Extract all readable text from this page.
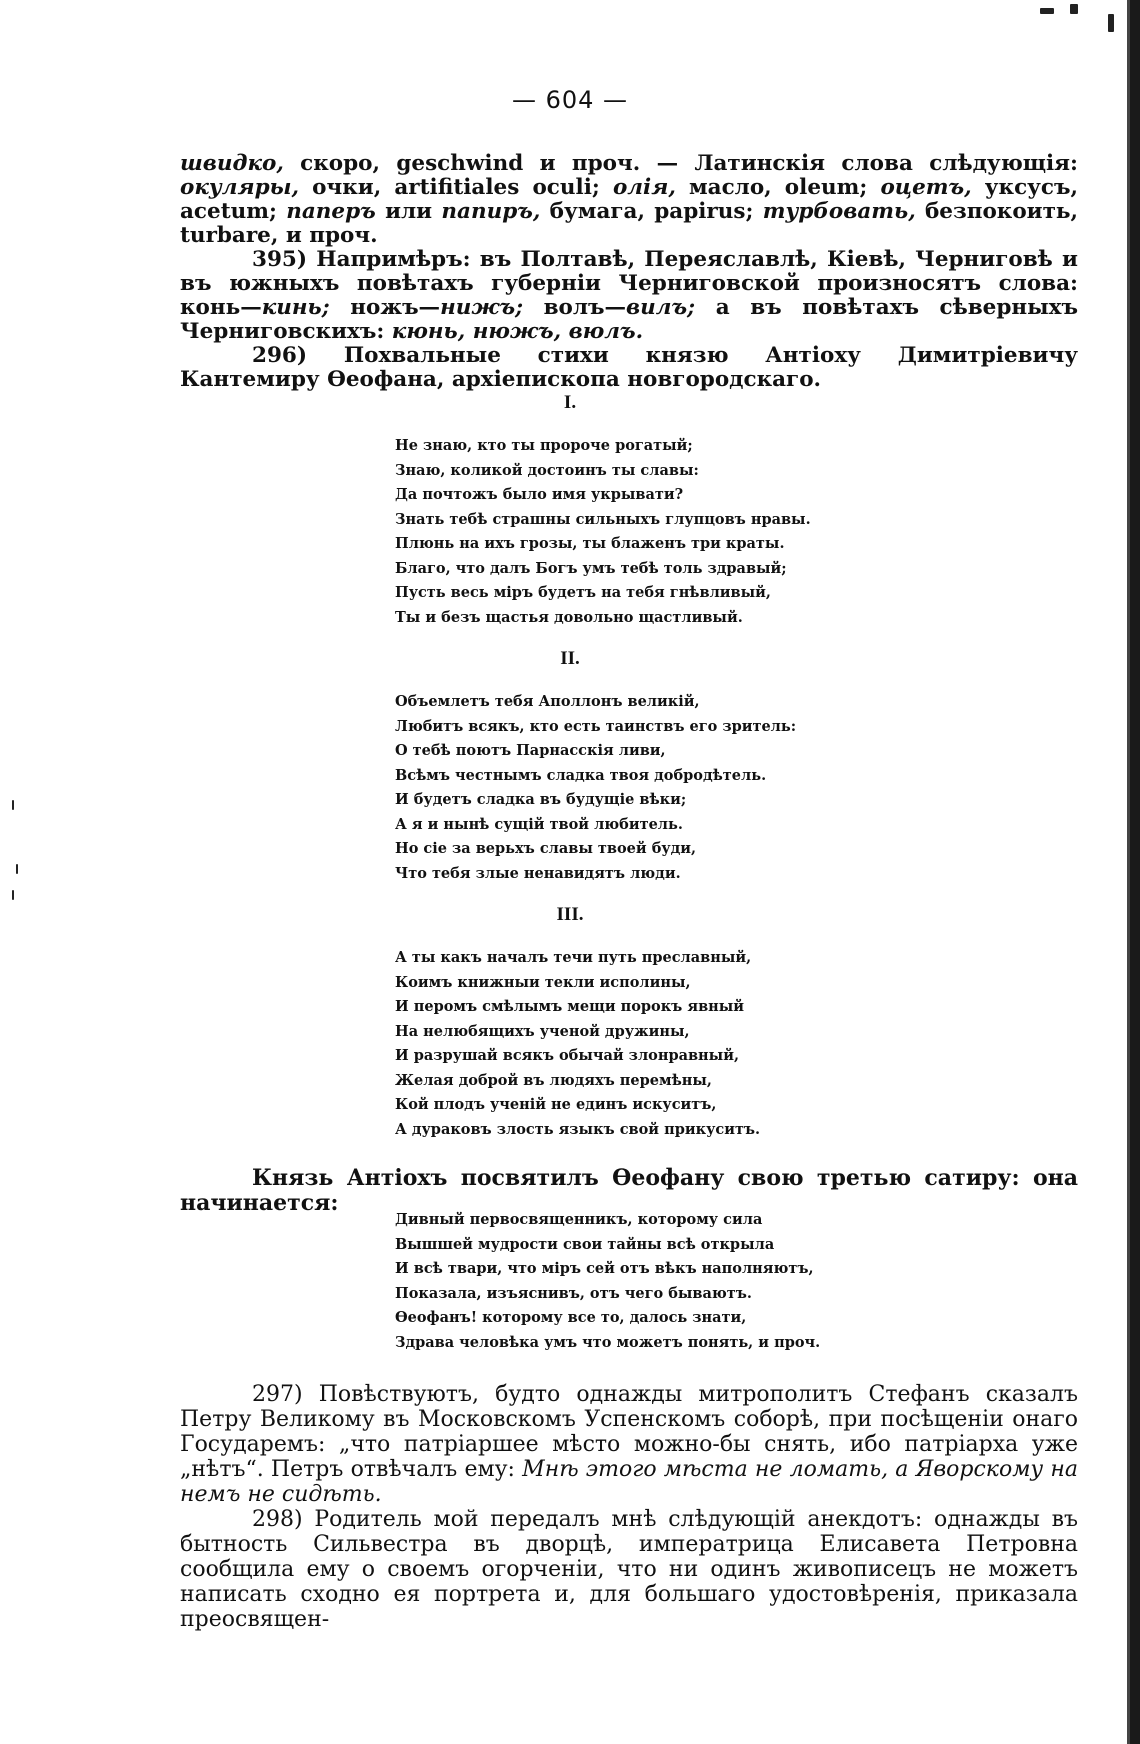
— 604 —

швидко, скоро, geschwind и проч. — Латинскія слова слѣдующія: окуляры, очки, artifitiales oculi; олія, масло, oleum; оцетъ, уксусъ, acetum; паперъ или папиръ, бумага, papirus; турбовать, безпокоить, turbare, и проч.

395) Напримѣръ: въ Полтавѣ, Переяславлѣ, Кіевѣ, Черниговѣ и въ южныхъ повѣтахъ губерніи Черниговской произносятъ слова: конь—кинь; ножъ—нижъ; волъ—вилъ; а въ повѣтахъ сѣверныхъ Черниговскихъ: кюнь, нюжъ, вюлъ.

296) Похвальные стихи князю Антіоху Димитріевичу Кантемиру Ѳеофана, архіепископа новгородскаго.

I.
Не знаю, кто ты пророче рогатый;
Знаю, коликой достоинъ ты славы:
Да почтожъ было имя укрывати?
Знать тебѣ страшны сильныхъ глупцовъ нравы.
Плюнь на ихъ грозы, ты блаженъ три краты.
Благо, что далъ Богъ умъ тебѣ толь здравый;
Пусть весь міръ будетъ на тебя гнѣвливый,
Ты и безъ щастья довольно щастливый.
II.
Объемлетъ тебя Аполлонъ великій,
Любитъ всякъ, кто есть таинствъ его зритель:
О тебѣ поютъ Парнасскія ливи,
Всѣмъ честнымъ сладка твоя добродѣтель.
И будетъ сладка въ будущіе вѣки;
А я и нынѣ сущій твой любитель.
Но сіе за верьхъ славы твоей буди,
Что тебя злые ненавидятъ люди.
III.
А ты какъ началъ течи путь преславный,
Коимъ книжныи текли исполины,
И перомъ смѣлымъ мещи порокъ явный
На нелюбящихъ ученой дружины,
И разрушай всякъ обычай злонравный,
Желая доброй въ людяхъ перемѣны,
Кой плодъ ученій не единъ искуситъ,
А дураковъ злость языкъ свой прикуситъ.

Князь Антіохъ посвятилъ Ѳеофану свою третью сатиру: она начинается:

Дивный первосвященникъ, которому сила
Вышшей мудрости свои тайны всѣ открыла
И всѣ твари, что міръ сей отъ вѣкъ наполняютъ,
Показала, изъяснивъ, отъ чего бываютъ.
Ѳеофанъ! которому все то, далось знати,
Здрава человѣка умъ что можетъ понять, и проч.

297) Повѣствуютъ, будто однажды митрополитъ Стефанъ сказалъ Петру Великому въ Московскомъ Успенскомъ соборѣ, при посѣщеніи онаго Государемъ: „что патріаршее мѣсто можно-бы снять, ибо патріарха уже „нѣтъ“. Петръ отвѣчалъ ему: Мнѣ этого мѣста не ломать, а Яворскому на немъ не сидѣть.

298) Родитель мой передалъ мнѣ слѣдующій анекдотъ: однажды въ бытность Сильвестра въ дворцѣ, императрица Елисавета Петровна сообщила ему о своемъ огорченіи, что ни одинъ живописецъ не можетъ написать сходно ея портрета и, для большаго удостовѣренія, приказала преосвящен-
